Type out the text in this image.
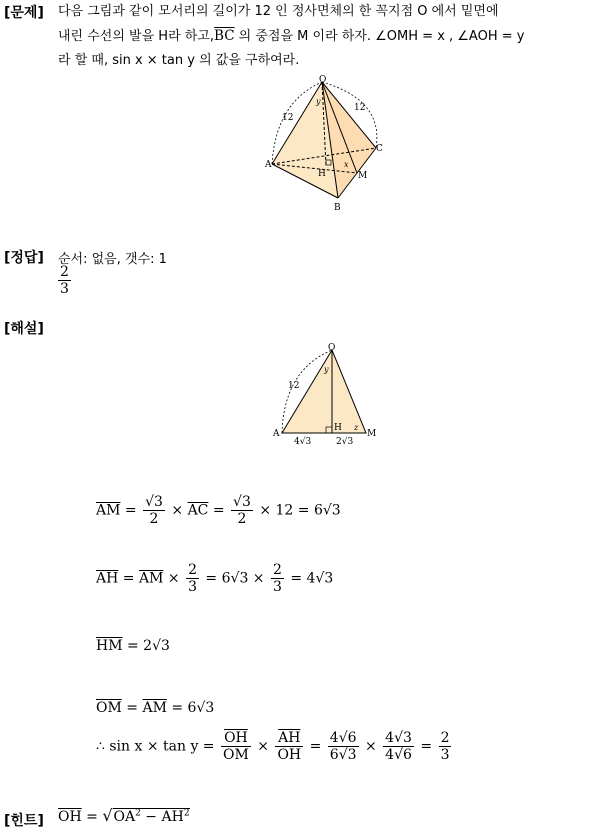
[문제] 다음 그림과 같이 모서리의 길이가 12 인 정사면체의 한 꼭지점 O 에서 밑면에
내린 수선의 발을 H라 하고$,\overline{BC}$ 의 중점을 M 이라 하자. ∠OMH = x , ∠AOH = y
라 할 때, sin x × tan y 의 값을 구하여라.
O
A
B
C
H	M
y
x
12
12
[정답] 순서: 없음, 갯수: 1
$\frac{2}{3}$
[해설]
O
A
H
M
y
z
12
4√3	2√3
$\overline{AM} = \frac{√3}{2} \times \overline{AC} = \frac{√3}{2} \times 12 = 6√3$
$\overline{AH} = \overline{AM} \times \frac{2}{3} = 6√3 \times \frac{2}{3} = 4√3$
$\overline{HM} = 2√3$
$\overline{OM} = \overline{AM} = 6√3$
∴ $\sin x \times \tan y = \frac{\overline{OH}}{OM} \times \frac{\overline{AH}}{OH} = \frac{4√6}{6√3} \times \frac{4√3}{4√6} = \frac{2}{3}$
[힌트] $\overline{OH} = √OA^2 - \overline{AH}^2$
